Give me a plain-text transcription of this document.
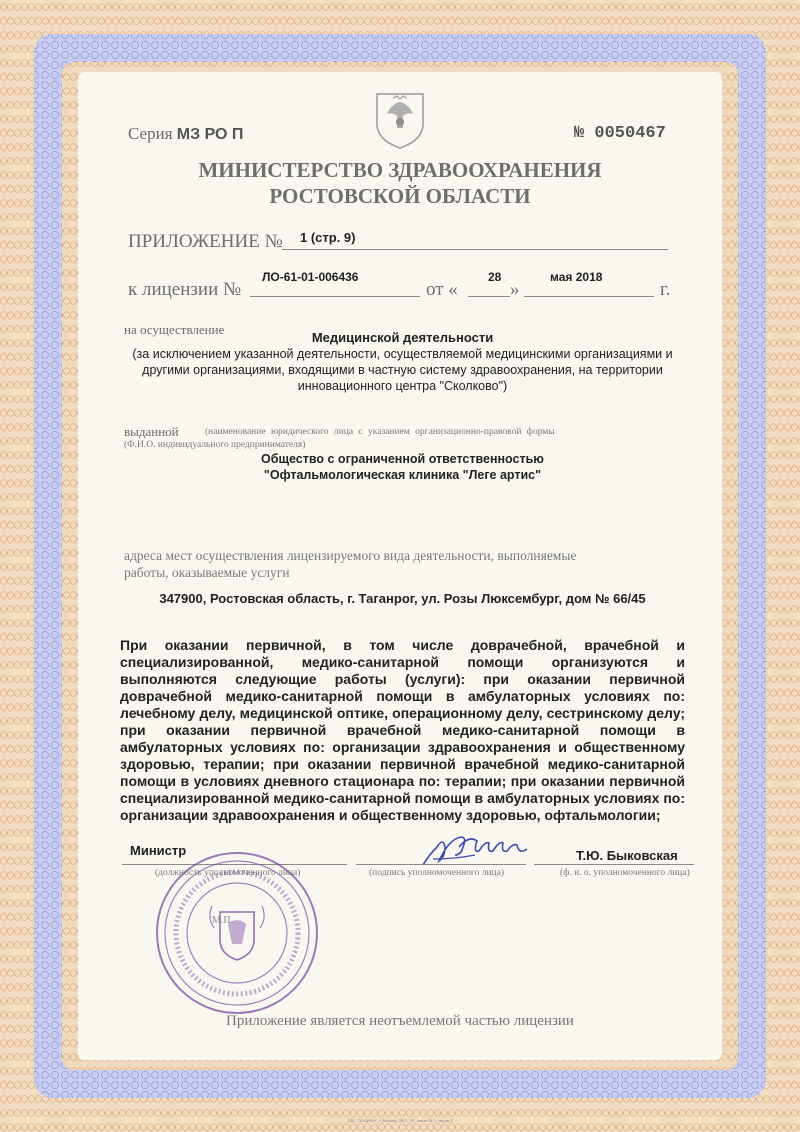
Серия МЗ РО П	№ 0050467
МИНИСТЕРСТВО ЗДРАВООХРАНЕНИЯ
РОСТОВСКОЙ ОБЛАСТИ
ПРИЛОЖЕНИЕ № 1 (стр. 9)
к лицензии №
ЛО-61-01-006436
от «
28
»
мая 2018
г.
на осуществление
Медицинской деятельности
(за исключением указанной деятельности, осуществляемой медицинскими организациями и другими организациями, входящими в частную систему здравоохранения, на территории инновационного центра "Сколково")
выданной	(наименование юридического лица с указанием организационно-правовой формы
(Ф.И.О. индивидуального предпринимателя)
Общество с ограниченной ответственностью
"Офтальмологическая клиника "Леге артис"
адреса мест осуществления лицензируемого вида деятельности, выполняемые
работы, оказываемые услуги
347900, Ростовская область, г. Таганрог, ул. Розы Люксембург, дом № 66/45
При оказании первичной, в том числе доврачебной, врачебной и специализированной, медико-санитарной помощи организуются и выполняются следующие работы (услуги): при оказании первичной доврачебной медико-санитарной помощи в амбулаторных условиях по: лечебному делу, медицинской оптике, операционному делу, сестринскому делу; при оказании первичной врачебной медико-санитарной помощи в амбулаторных условиях по: организации здравоохранения и общественному здоровью, терапии; при оказании первичной врачебной медико-санитарной помощи в условиях дневного стационара по: терапии; при оказании первичной специализированной медико-санитарной помощи в амбулаторных условиях по: организации здравоохранения и общественному здоровью, офтальмологии;
Министр
(должность уполномоченного лица)	(подпись уполномоченного лица)
Т.Ю. Быковская
(ф. и. о. уполномоченного лица)
М.П.
Приложение является неотъемлемой частью лицензии
ЗАО "ОПЦИОН", г. Москва, 2017, "Б", заказ № 1, тираж 1
